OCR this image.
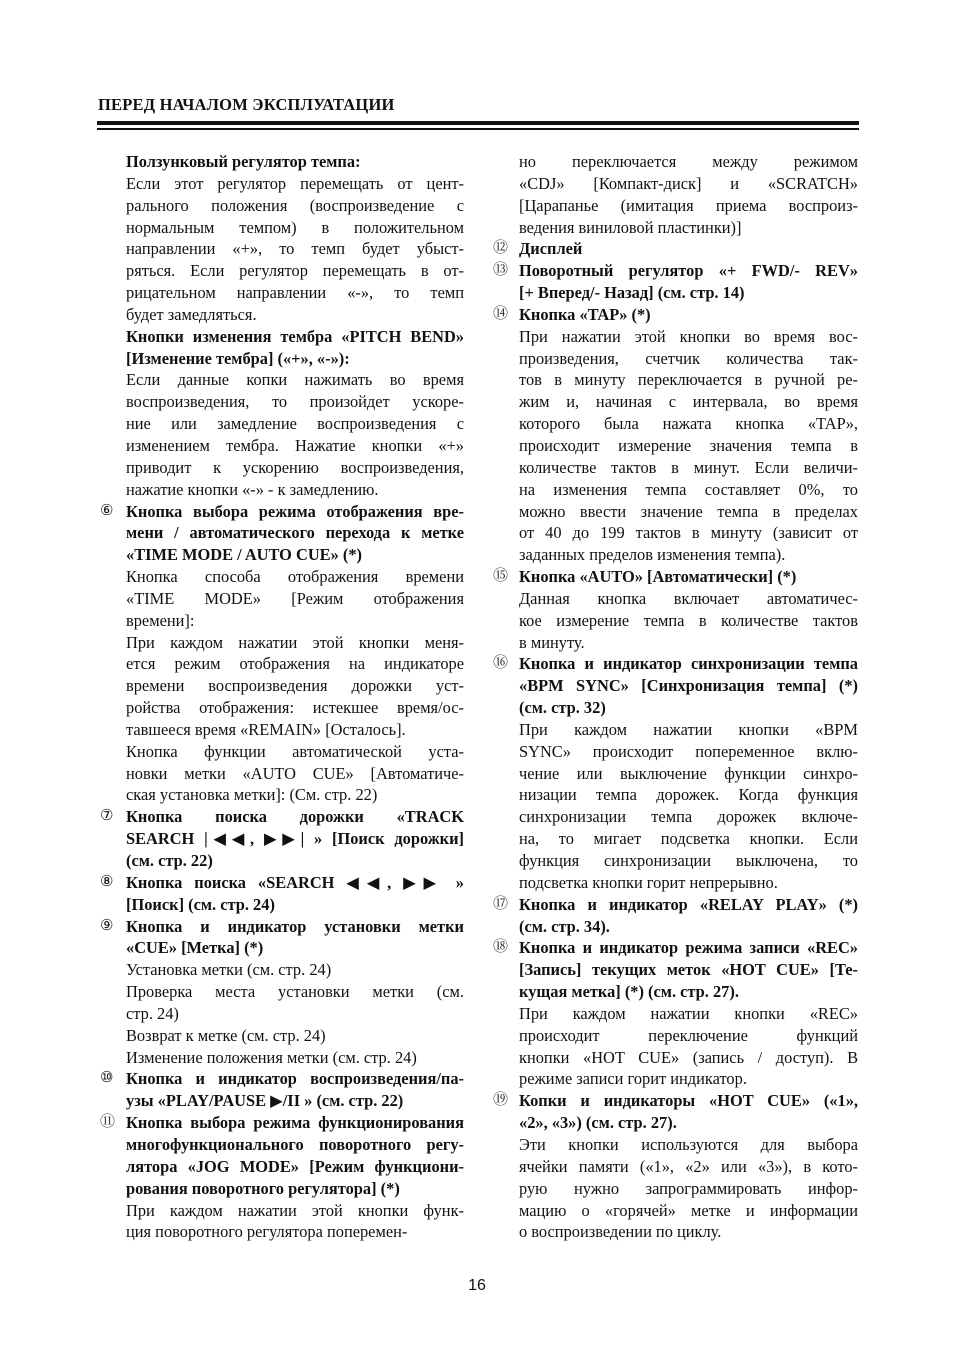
ПЕРЕД НАЧАЛОМ ЭКСПЛУАТАЦИИ
Ползунковый регулятор темпа:
Если этот регулятор перемещать от цент-
рального положения (воспроизведение с
нормальным темпом) в положительном
направлении «+», то темп будет убыст-
ряться. Если регулятор перемещать в от-
рицательном направлении «-», то темп
будет замедляться.
Кнопки изменения тембра «PITCH BEND»
[Изменение тембра] («+», «-»):
Если данные копки нажимать во время
воспроизведения, то произойдет ускоре-
ние или замедление воспроизведения с
изменением тембра. Нажатие кнопки «+»
приводит к ускорению воспроизведения,
нажатие кнопки «-» - к замедлению.
⑥ Кнопка выбора режима отображения вре-
мени / автоматического перехода к метке
«TIME MODE / AUTO CUE» (*)
Кнопка способа отображения времени
«TIME MODE» [Режим отображения
времени]:
При каждом нажатии этой кнопки меня-
ется режим отображения на индикаторе
времени воспроизведения дорожки уст-
ройства отображения: истекшее время/ос-
тавшееся время «REMAIN» [Осталось].
Кнопка функции автоматической уста-
новки метки «AUTO CUE» [Автоматиче-
ская установка метки]: (См. стр. 22)
⑦ Кнопка поиска дорожки «TRACK
SEARCH |◀◀, ▶▶| » [Поиск дорожки]
(см. стр. 22)
⑧ Кнопка поиска «SEARCH ◀◀, ▶▶ »
[Поиск] (см. стр. 24)
⑨ Кнопка и индикатор установки метки
«CUE» [Метка] (*)
Установка метки (см. стр. 24)
Проверка места установки метки (см.
стр. 24)
Возврат к метке (см. стр. 24)
Изменение положения метки (см. стр. 24)
⑩ Кнопка и индикатор воспроизведения/па-
узы «PLAY/PAUSE ▶/II » (см. стр. 22)
⑪ Кнопка выбора режима функционирования
многофункционального поворотного регу-
лятора «JOG MODE» [Режим функциони-
рования поворотного регулятора] (*)
При каждом нажатии этой кнопки функ-
ция поворотного регулятора поперемен-
но переключается между режимом
«CDJ» [Компакт-диск] и «SCRATCH»
[Царапанье (имитация приема воспроиз-
ведения виниловой пластинки)]
⑫ Дисплей
⑬ Поворотный регулятор «+ FWD/- REV»
[+ Вперед/- Назад] (см. стр. 14)
⑭ Кнопка «TAP» (*)
При нажатии этой кнопки во время вос-
произведения, счетчик количества так-
тов в минуту переключается в ручной ре-
жим и, начиная с интервала, во время
которого была нажата кнопка «TAP»,
происходит измерение значения темпа в
количестве тактов в минут. Если величи-
на изменения темпа составляет 0%, то
можно ввести значение темпа в пределах
от 40 до 199 тактов в минуту (зависит от
заданных пределов изменения темпа).
⑮ Кнопка «AUTO» [Автоматически] (*)
Данная кнопка включает автоматичес-
кое измерение темпа в количестве тактов
в минуту.
⑯ Кнопка и индикатор синхронизации темпа
«BPM SYNC» [Синхронизация темпа] (*)
(см. стр. 32)
При каждом нажатии кнопки «BPM
SYNC» происходит попеременное вклю-
чение или выключение функции синхро-
низации темпа дорожек. Когда функция
синхронизации темпа дорожек включе-
на, то мигает подсветка кнопки. Если
функция синхронизации выключена, то
подсветка кнопки горит непрерывно.
⑰ Кнопка и индикатор «RELAY PLAY» (*)
(см. стр. 34).
⑱ Кнопка и индикатор режима записи «REC»
[Запись] текущих меток «HOT CUE» [Те-
кущая метка] (*) (см. стр. 27).
При каждом нажатии кнопки «REC»
происходит переключение функций
кнопки «HOT CUE» (запись / доступ). В
режиме записи горит индикатор.
⑲ Копки и индикаторы «HOT CUE» («1»,
«2», «3») (см. стр. 27).
Эти кнопки используются для выбора
ячейки памяти («1», «2» или «3»), в кото-
рую нужно запрограммировать инфор-
мацию о «горячей» метке и информации
о воспроизведении по циклу.
16
